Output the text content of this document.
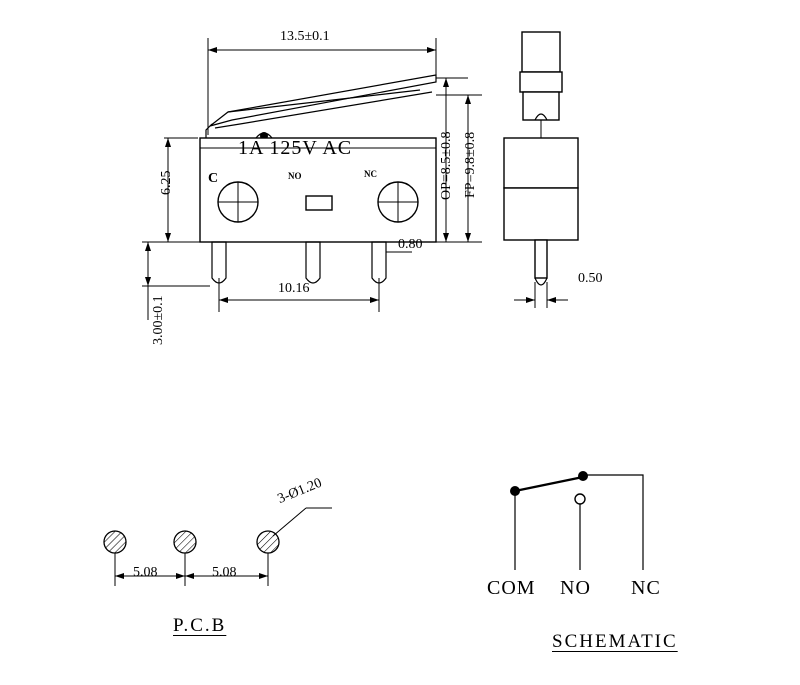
13.5±0.1
1A 125V AC
C	NO	NC
0.80
10.16
6.25
3.00±0.1
OP=8.5±0.8 FP=9.8±0.8
0.50
3-Ø1.20
5.08	5.08
P.C.B
COM NO NC
SCHEMATIC
